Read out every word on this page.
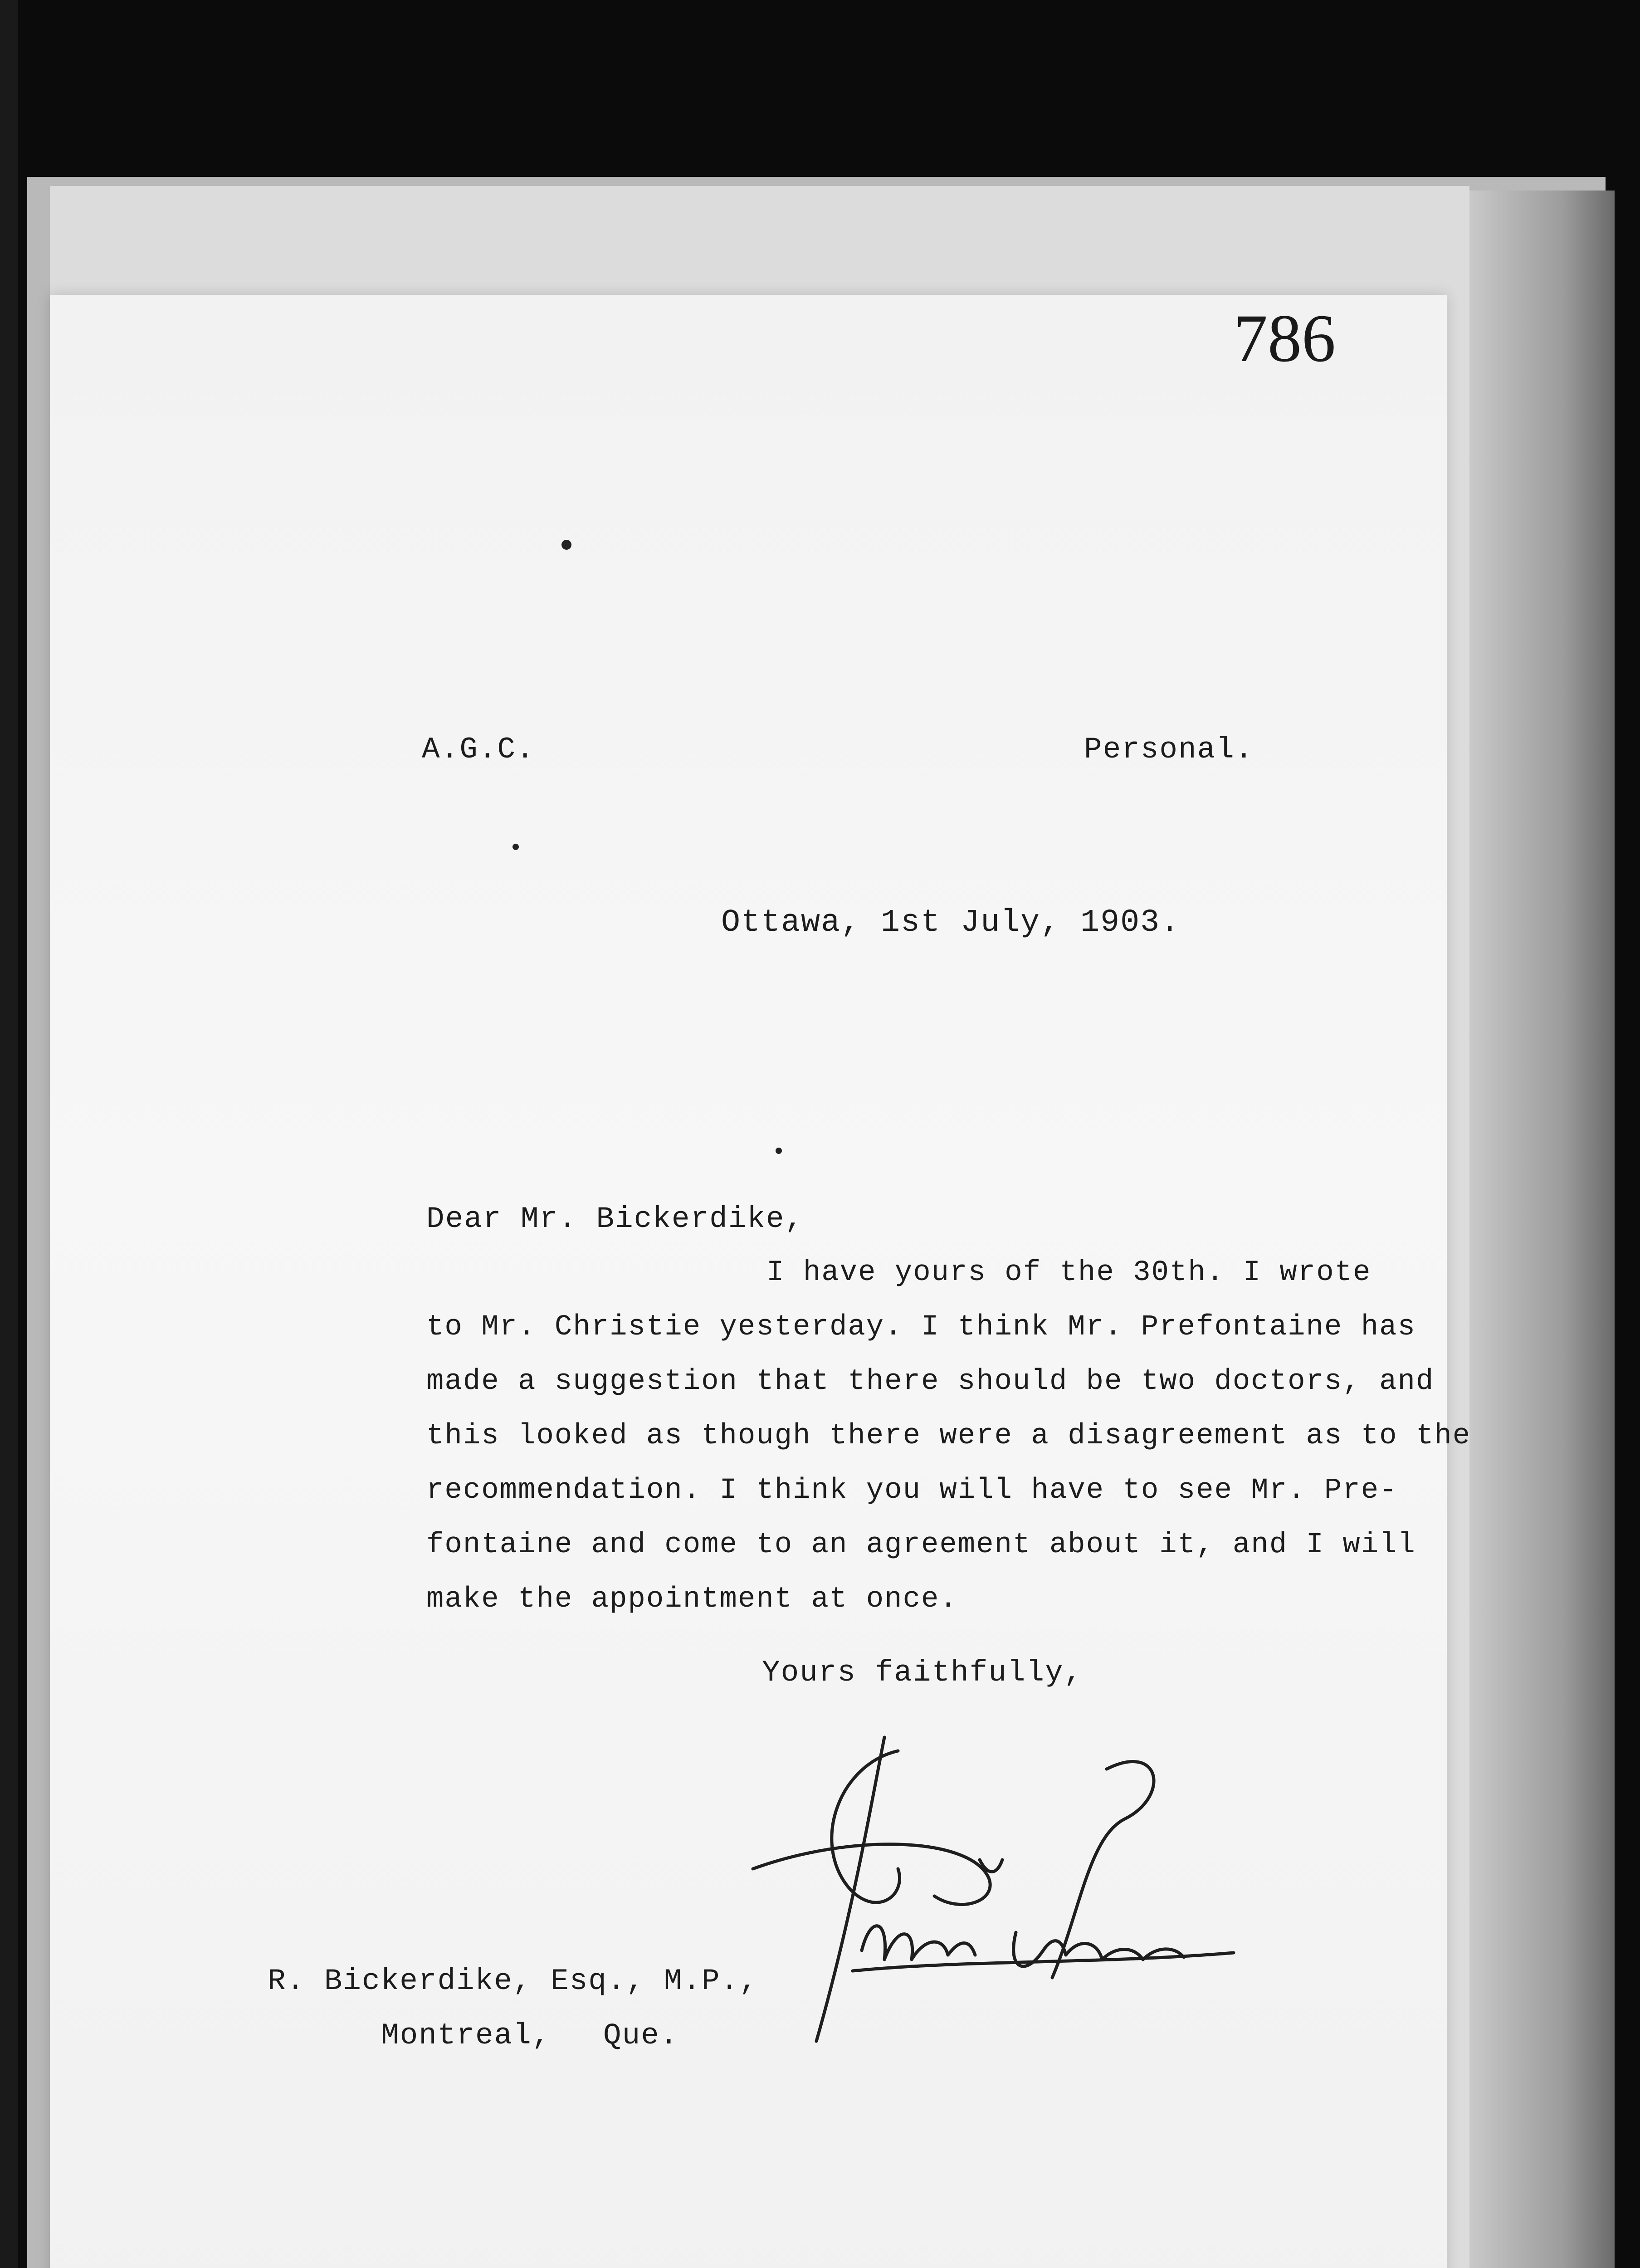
786
A.G.C.	Personal.
Ottawa, 1st July, 1903.
Dear Mr. Bickerdike,
I have yours of the 30th. I wrote
to Mr. Christie yesterday. I think Mr. Prefontaine has
made a suggestion that there should be two doctors, and
this looked as though there were a disagreement as to the
recommendation. I think you will have to see Mr. Pre-
fontaine and come to an agreement about it, and I will
make the appointment at once.
Yours faithfully,
R. Bickerdike, Esq., M.P.,
Montreal, Que.
